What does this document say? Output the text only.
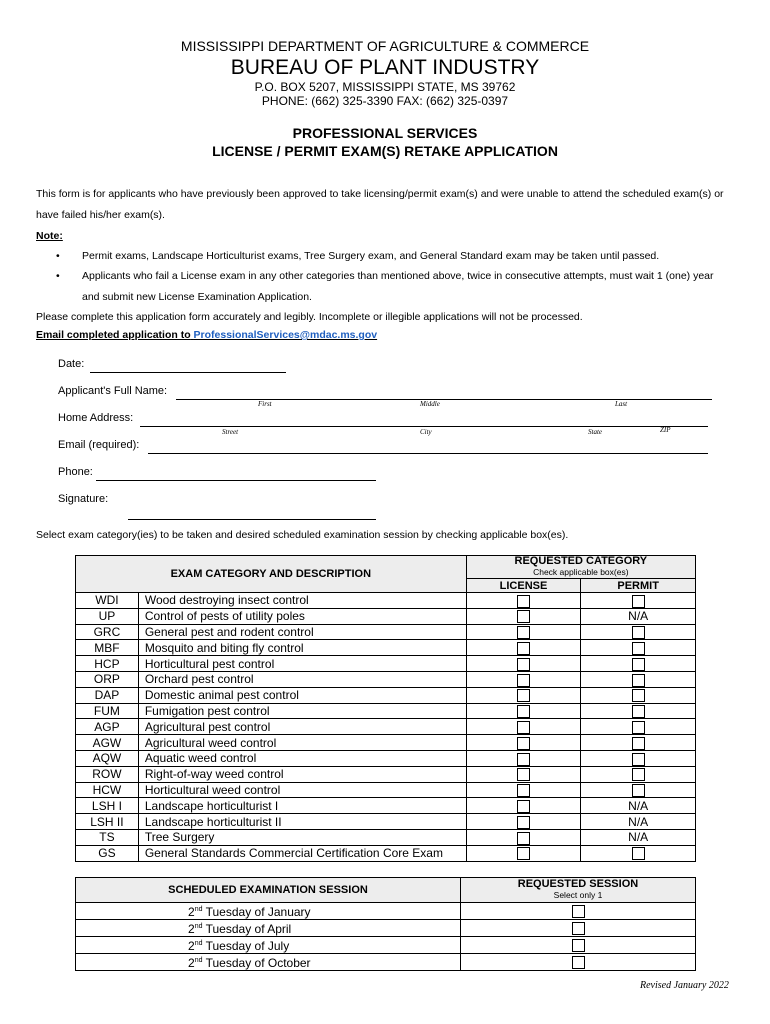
MISSISSIPPI DEPARTMENT OF AGRICULTURE & COMMERCE
BUREAU OF PLANT INDUSTRY
P.O. BOX 5207, MISSISSIPPI STATE, MS 39762
PHONE: (662) 325-3390 FAX: (662) 325-0397
PROFESSIONAL SERVICES
LICENSE / PERMIT EXAM(S) RETAKE APPLICATION
This form is for applicants who have previously been approved to take licensing/permit exam(s) and were unable to attend the scheduled exam(s) or have failed his/her exam(s).
Note:
•	Permit exams, Landscape Horticulturist exams, Tree Surgery exam, and General Standard exam may be taken until passed.
•	Applicants who fail a License exam in any other categories than mentioned above, twice in consecutive attempts, must wait 1 (one) year and submit new License Examination Application.
Please complete this application form accurately and legibly. Incomplete or illegible applications will not be processed.
Email completed application to ProfessionalServices@mdac.ms.gov
Date:
Applicant's Full Name:
First	Middle	Last
Home Address:
Street	City	State	ZIP
Email (required):
Phone:
Signature:
Select exam category(ies) to be taken and desired scheduled examination session by checking applicable box(es).
EXAM CATEGORY AND DESCRIPTION		REQUESTED CATEGORY
Check applicable box(es)	

		LICENSE	PERMIT
WDI	Wood destroying insect control		
UP	Control of pests of utility poles		N/A
GRC	General pest and rodent control		
MBF	Mosquito and biting fly control		
HCP	Horticultural pest control		
ORP	Orchard pest control		
DAP	Domestic animal pest control		
FUM	Fumigation pest control		
AGP	Agricultural pest control		
AGW	Agricultural weed control		
AQW	Aquatic weed control		
ROW	Right-of-way weed control		
HCW	Horticultural weed control		
LSH I	Landscape horticulturist I		N/A
LSH II	Landscape horticulturist II		N/A
TS	Tree Surgery		N/A
GS	General Standards Commercial Certification Core Exam		
SCHEDULED EXAMINATION SESSION	REQUESTED SESSION
Select only 1

2nd Tuesday of January	
2nd Tuesday of April	
2nd Tuesday of July	
2nd Tuesday of October	
Revised January 2022
